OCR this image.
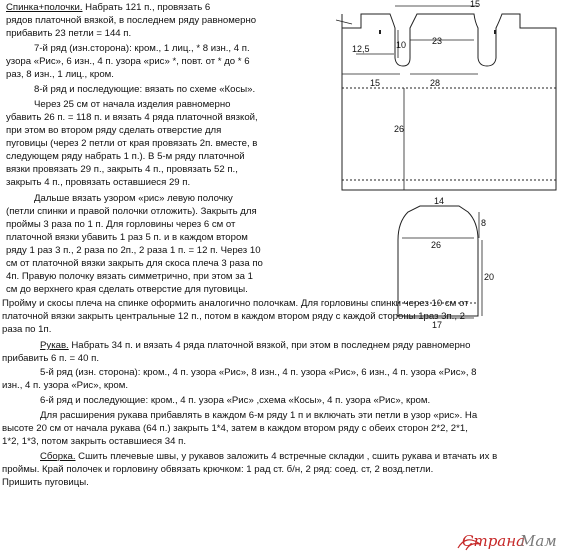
Спинка+полочки. Набрать 121 п., провязать 6
рядов платочной вязкой, в последнем ряду равномерно
прибавить 23 петли = 144 п.
7-й ряд (изн.сторона): кром., 1 лиц., * 8 изн., 4 п.
узора «Рис», 6 изн., 4 п. узора «рис» *, повт. от * до * 6
раз, 8 изн., 1 лиц., кром.
8-й ряд и последующие: вязать по схеме «Косы».
Через 25 см от начала изделия равномерно
убавить 26 п. = 118 п. и вязать 4 ряда платочной вязкой,
при этом во втором ряду сделать отверстие для
пуговицы (через 2 петли от края провязать 2п. вместе, в
следующем ряду набрать 1 п.). В 5-м ряду платочной
вязки провязать 29 п., закрыть 4 п., провязать 52 п.,
закрыть 4 п., провязать оставшиеся 29 п.
Дальше вязать узором «рис» левую полочку
(петли спинки и правой полочки отложить). Закрыть для
проймы 3 раза по 1 п. Для горловины через 6 см от
платочной вязки убавить 1 раз 5 п. и в каждом втором
ряду 1 раз 3 п., 2 раза по 2п., 2 раза 1 п. = 12 п. Через 10
см от платочной вязки закрыть для скоса плеча 3 раза по
4п. Правую полочку вязать симметрично, при этом за 1
см до верхнего края сделать отверстие для пуговицы.
Пройму и скосы плеча на спинке оформить аналогично полочкам. Для горловины спинки через 10 см от
платочной вязки закрыть центральные 12 п., потом в каждом втором ряду с каждой стороны 1раз 3п., 2
раза по 1п.
Рукав. Набрать 34 п. и вязать 4 ряда платочной вязкой, при этом в последнем ряду равномерно
прибавить 6 п. = 40 п.
5-й ряд (изн. сторона): кром., 4 п. узора «Рис», 8 изн., 4 п. узора «Рис», 6 изн., 4 п. узора «Рис», 8
изн., 4 п. узора «Рис», кром.
6-й ряд и последующие: кром., 4 п. узора «Рис» ,схема «Косы», 4 п. узора «Рис», кром.
Для расширения рукава прибавлять в каждом 6-м ряду 1 п и включать эти петли в узор «рис». На
высоте 20 см от начала рукава (64 п.) закрыть 1*4, затем в каждом втором ряду с обеих сторон 2*2, 2*1,
1*2, 1*3, потом закрыть оставшиеся 34 п.
Сборка. Сшить плечевые швы, у рукавов заложить 4 встречные складки , сшить рукава и втачать их в
проймы. Край полочек и горловину обвязать крючком: 1 рад ст. б/н, 2 ряд: соед. ст, 2 возд.петли.
Пришить пуговицы.
15
12,5	10	23
15	28
26
14
26
8
20
17
Страна
Мам
